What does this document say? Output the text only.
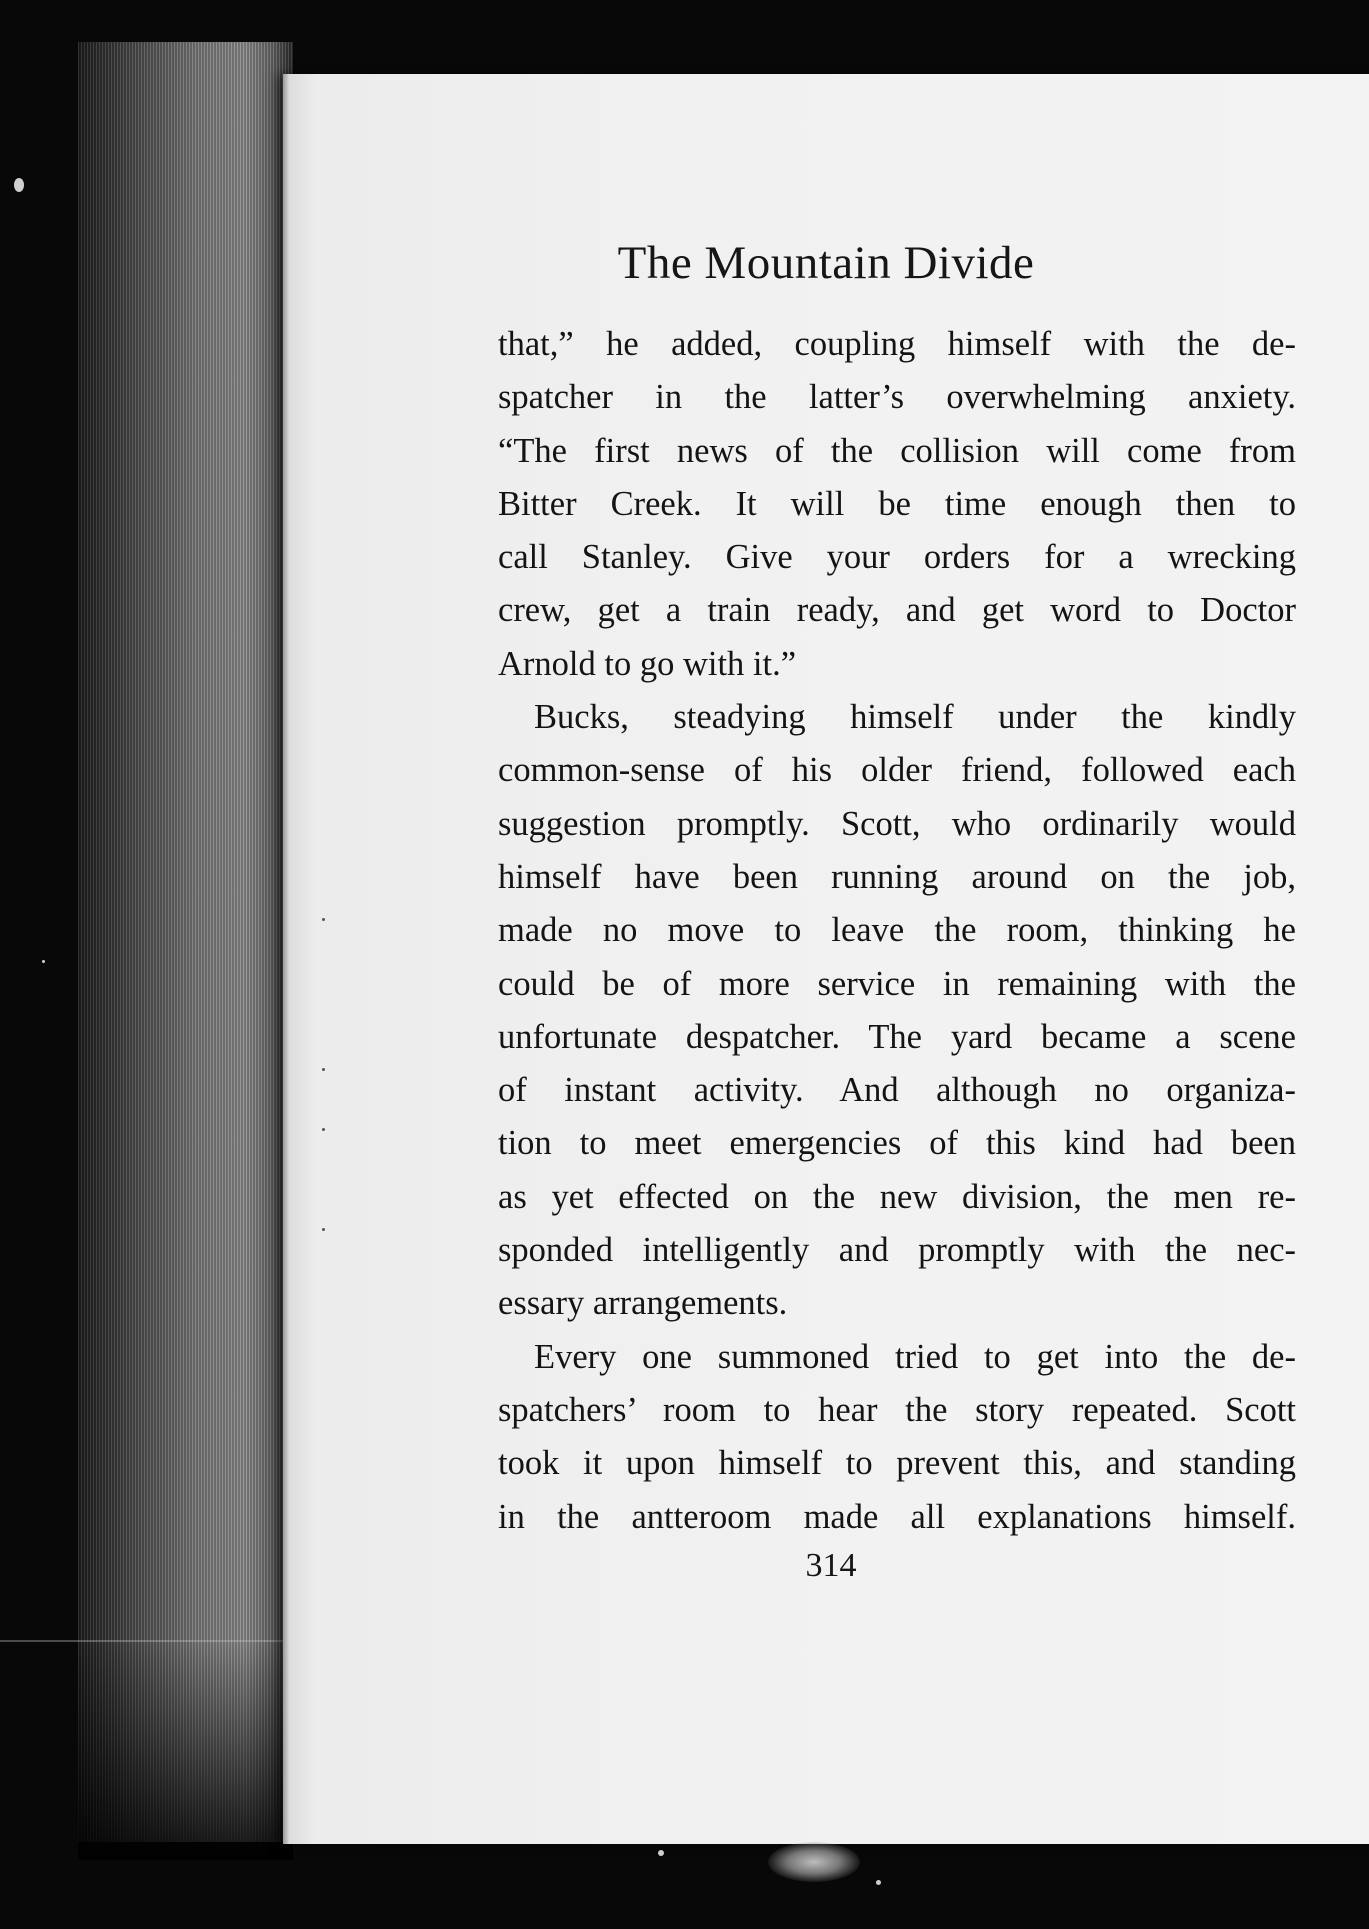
The Mountain Divide

that,” he added, coupling himself with the de-
spatcher in the latter’s overwhelming anxiety.
“The first news of the collision will come from
Bitter Creek. It will be time enough then to
call Stanley. Give your orders for a wrecking
crew, get a train ready, and get word to Doctor
Arnold to go with it.”

Bucks, steadying himself under the kindly
common-sense of his older friend, followed each
suggestion promptly. Scott, who ordinarily would
himself have been running around on the job,
made no move to leave the room, thinking he
could be of more service in remaining with the
unfortunate despatcher. The yard became a scene
of instant activity. And although no organiza-
tion to meet emergencies of this kind had been
as yet effected on the new division, the men re-
sponded intelligently and promptly with the nec-
essary arrangements.

Every one summoned tried to get into the de-
spatchers’ room to hear the story repeated. Scott
took it upon himself to prevent this, and standing
in the ant​teroom made all explanations himself.

314
